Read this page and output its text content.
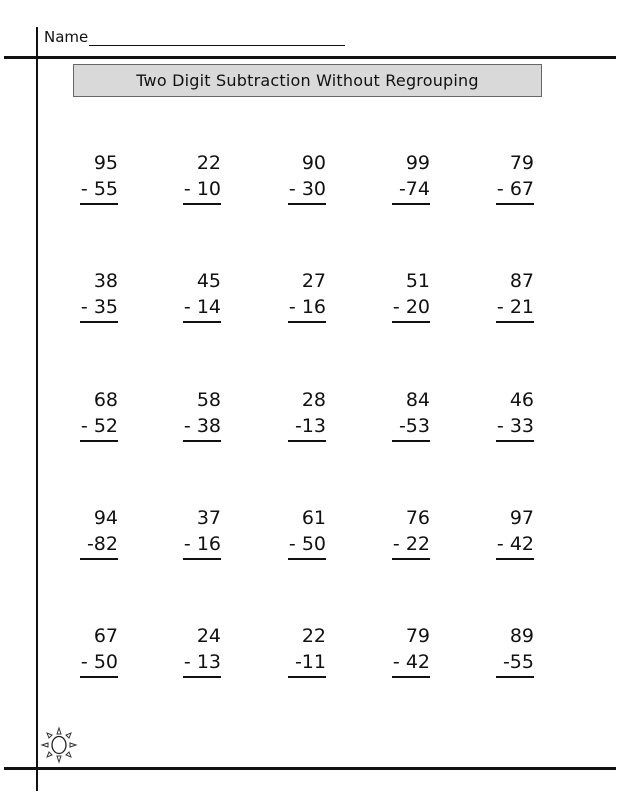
Name
Two Digit Subtraction Without Regrouping
95
- 55
22
- 10
90
- 30
99
-74
79
- 67
38
- 35
45
- 14
27
- 16
51
- 20
87
- 21
68
- 52
58
- 38
28
-13
84
-53
46
- 33
94
-82
37
- 16
61
- 50
76
- 22
97
- 42
67
- 50
24
- 13
22
-11
79
- 42
89
-55
